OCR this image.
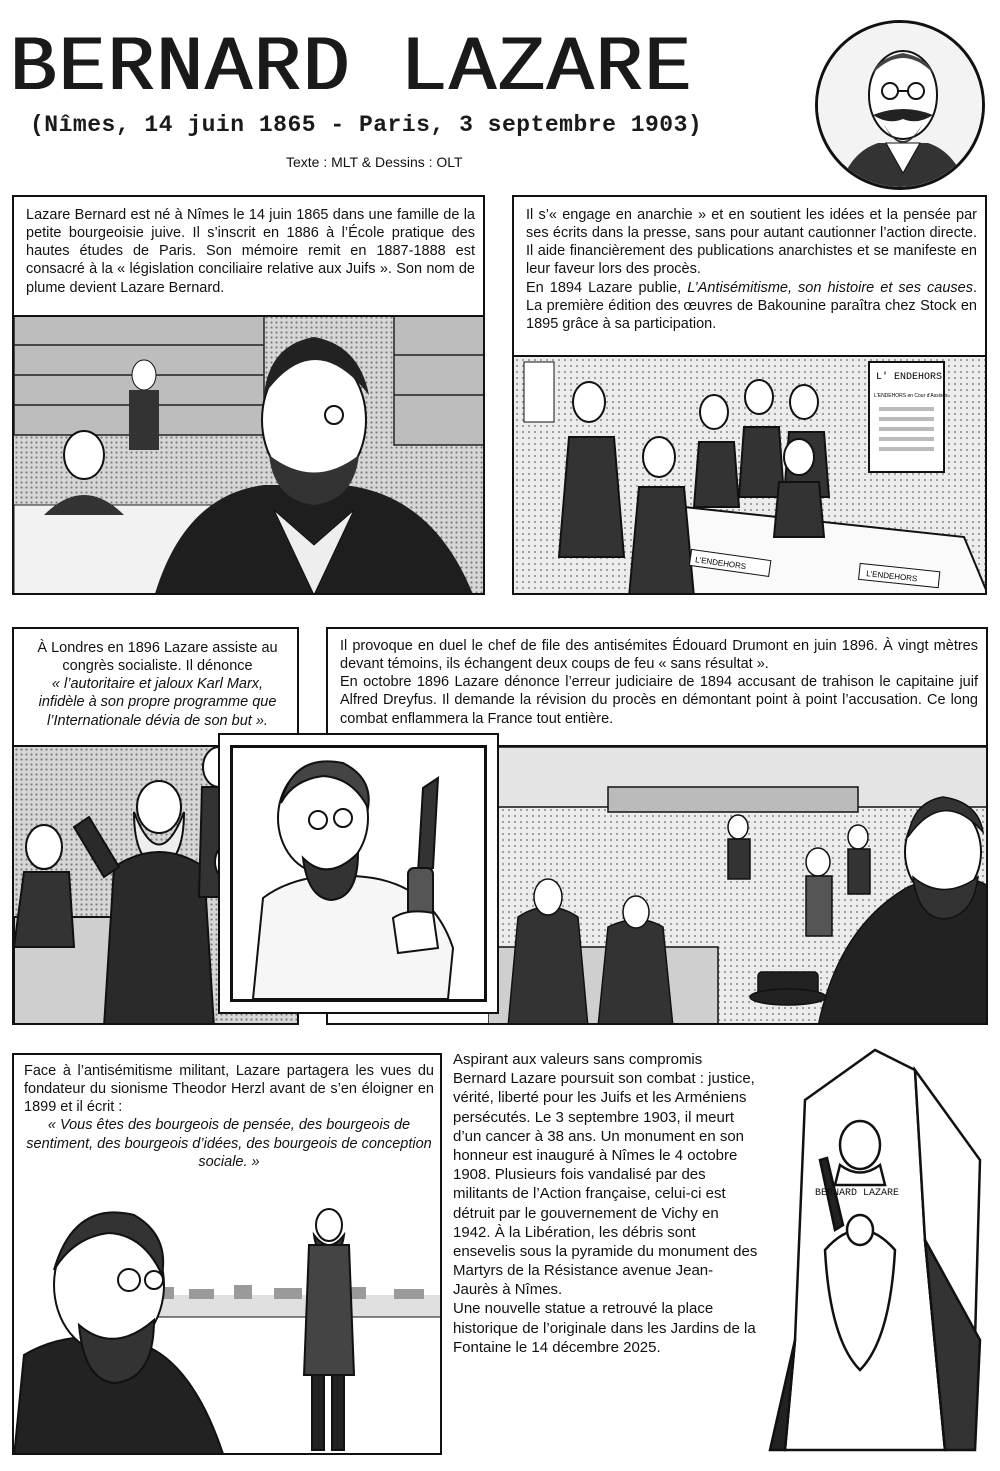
BERNARD LAZARE
(Nîmes, 14 juin 1865 - Paris, 3 septembre 1903)
Texte : MLT & Dessins : OLT

Lazare Bernard est né à Nîmes le 14 juin 1865 dans une famille de la petite bourgeoisie juive. Il s’inscrit en 1886 à l’École pratique des hautes études de Paris. Son mémoire remit en 1887-1888 est consacré à la « législation conciliaire relative aux Juifs ». Son nom de plume devient Lazare Bernard.

L'ENDEHORS
L'ENDEHORS
L' ENDEHORS
L'ENDEHORS en Cour d'Assises

Il s’« engage en anarchie » et en soutient les idées et la pensée par ses écrits dans la presse, sans pour autant cautionner l’action directe. Il aide financièrement des publications anarchistes et se manifeste en leur faveur lors des procès.

En 1894 Lazare publie, L’Antisémitisme, son histoire et ses causes. La première édition des œuvres de Bakounine paraîtra chez Stock en 1895 grâce à sa participation.

À Londres en 1896 Lazare assiste au congrès socialiste. Il dénonce

« l’autoritaire et jaloux Karl Marx, infidèle à son propre programme que l’Internationale dévia de son but ».

Il provoque en duel le chef de file des antisémites Édouard Drumont en juin 1896. À vingt mètres devant témoins, ils échangent deux coups de feu « sans résultat ».

En octobre 1896 Lazare dénonce l’erreur judiciaire de 1894 accusant de trahison le capitaine juif Alfred Dreyfus. Il demande la révision du procès en démontant point à point l’accusation. Ce long combat enflammera la France tout entière.

Face à l’antisémitisme militant, Lazare partagera les vues du fondateur du sionisme Theodor Herzl avant de s’en éloigner en 1899 et il écrit :

« Vous êtes des bourgeois de pensée, des bourgeois de sentiment, des bourgeois d’idées, des bourgeois de conception sociale. »

BERNARD LAZARE

Aspirant aux valeurs sans compromis Bernard Lazare poursuit son combat : justice, vérité, liberté pour les Juifs et les Arméniens persécutés. Le 3 septembre 1903, il meurt d’un cancer à 38 ans. Un monument en son honneur est inauguré à Nîmes le 4 octobre 1908. Plusieurs fois vandalisé par des militants de l’Action française, celui-ci est détruit par le gouvernement de Vichy en 1942. À la Libération, les débris sont ensevelis sous la pyramide du monument des Martyrs de la Résistance avenue Jean-Jaurès à Nîmes.

Une nouvelle statue a retrouvé la place historique de l’originale dans les Jardins de la Fontaine le 14 décembre 2025.
